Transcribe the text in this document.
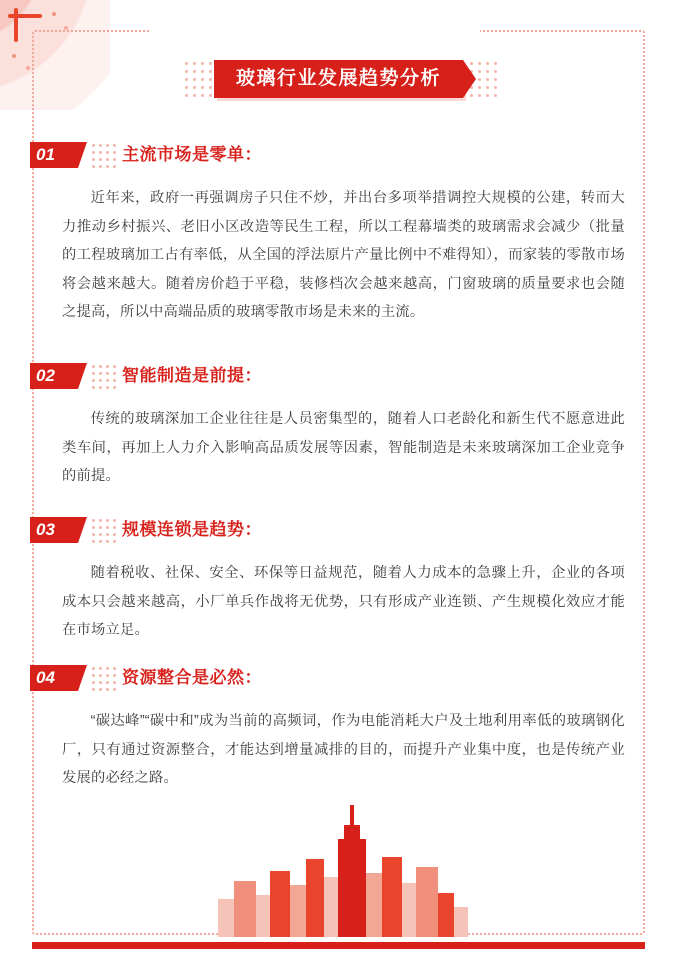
玻璃行业发展趋势分析
01	主流市场是零单：
近年来，政府一再强调房子只住不炒，并出台多项举措调控大规模的公建，转而大力推动乡村振兴、老旧小区改造等民生工程，所以工程幕墙类的玻璃需求会减少（批量的工程玻璃加工占有率低，从全国的浮法原片产量比例中不难得知），而家装的零散市场将会越来越大。随着房价趋于平稳，装修档次会越来越高，门窗玻璃的质量要求也会随之提高，所以中高端品质的玻璃零散市场是未来的主流。
02	智能制造是前提：
传统的玻璃深加工企业往往是人员密集型的，随着人口老龄化和新生代不愿意进此类车间，再加上人力介入影响高品质发展等因素，智能制造是未来玻璃深加工企业竞争的前提。
03	规模连锁是趋势：
随着税收、社保、安全、环保等日益规范，随着人力成本的急骤上升，企业的各项成本只会越来越高，小厂单兵作战将无优势，只有形成产业连锁、产生规模化效应才能在市场立足。
04	资源整合是必然：
“碳达峰”“碳中和”成为当前的高频词，作为电能消耗大户及土地利用率低的玻璃钢化厂，只有通过资源整合，才能达到增量减排的目的，而提升产业集中度，也是传统产业发展的必经之路。
